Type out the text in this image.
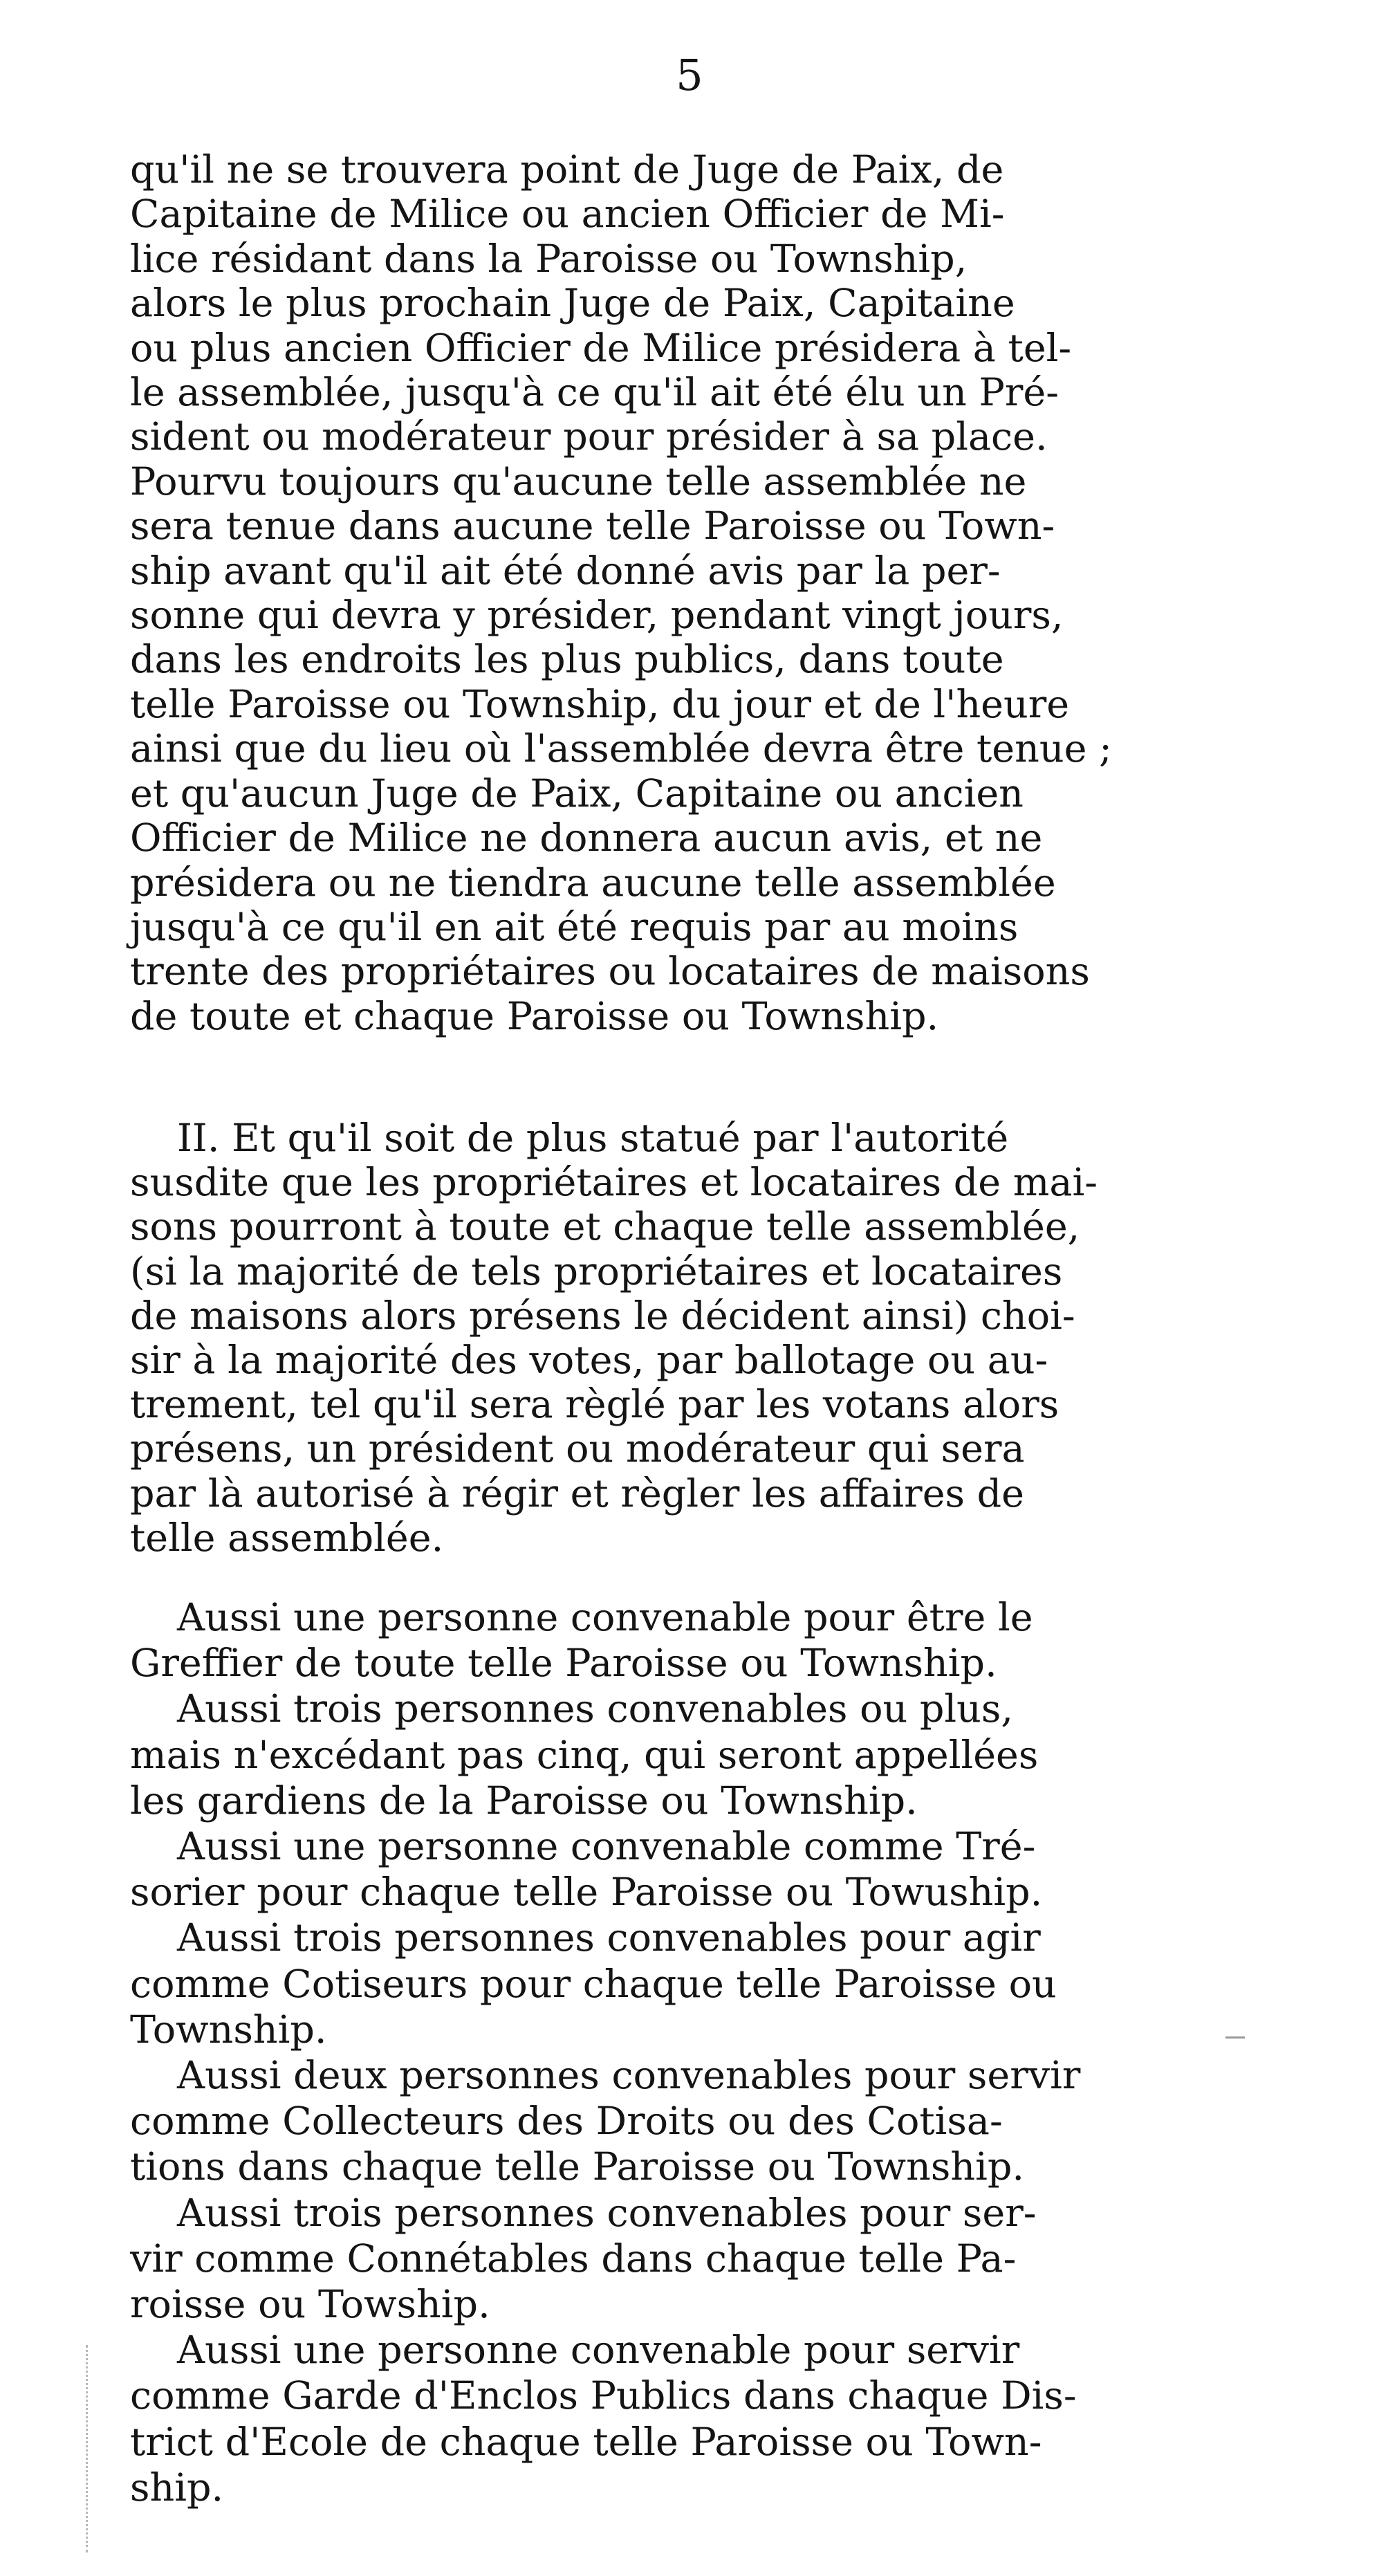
5
qu'il ne se trouvera point de Juge de Paix, de
Capitaine de Milice ou ancien Officier de Mi-
lice résidant dans la Paroisse ou Township,
alors le plus prochain Juge de Paix, Capitaine
ou plus ancien Officier de Milice présidera à tel-
le assemblée, jusqu'à ce qu'il ait été élu un Pré-
sident ou modérateur pour présider à sa place.
Pourvu toujours qu'aucune telle assemblée ne
sera tenue dans aucune telle Paroisse ou Town-
ship avant qu'il ait été donné avis par la per-
sonne qui devra y présider, pendant vingt jours,
dans les endroits les plus publics, dans toute
telle Paroisse ou Township, du jour et de l'heure
ainsi que du lieu où l'assemblée devra être tenue ;
et qu'aucun Juge de Paix, Capitaine ou ancien
Officier de Milice ne donnera aucun avis, et ne
présidera ou ne tiendra aucune telle assemblée
jusqu'à ce qu'il en ait été requis par au moins
trente des propriétaires ou locataires de maisons
de toute et chaque Paroisse ou Township.
II. Et qu'il soit de plus statué par l'autorité
susdite que les propriétaires et locataires de mai-
sons pourront à toute et chaque telle assemblée,
(si la majorité de tels propriétaires et locataires
de maisons alors présens le décident ainsi) choi-
sir à la majorité des votes, par ballotage ou au-
trement, tel qu'il sera règlé par les votans alors
présens, un président ou modérateur qui sera
par là autorisé à régir et règler les affaires de
telle assemblée.
Aussi une personne convenable pour être le
Greffier de toute telle Paroisse ou Township.
Aussi trois personnes convenables ou plus,
mais n'excédant pas cinq, qui seront appellées
les gardiens de la Paroisse ou Township.
Aussi une personne convenable comme Tré-
sorier pour chaque telle Paroisse ou Towuship.
Aussi trois personnes convenables pour agir
comme Cotiseurs pour chaque telle Paroisse ou
Township.
Aussi deux personnes convenables pour servir
comme Collecteurs des Droits ou des Cotisa-
tions dans chaque telle Paroisse ou Township.
Aussi trois personnes convenables pour ser-
vir comme Connétables dans chaque telle Pa-
roisse ou Towship.
Aussi une personne convenable pour servir
comme Garde d'Enclos Publics dans chaque Dis-
trict d'Ecole de chaque telle Paroisse ou Town-
ship.
